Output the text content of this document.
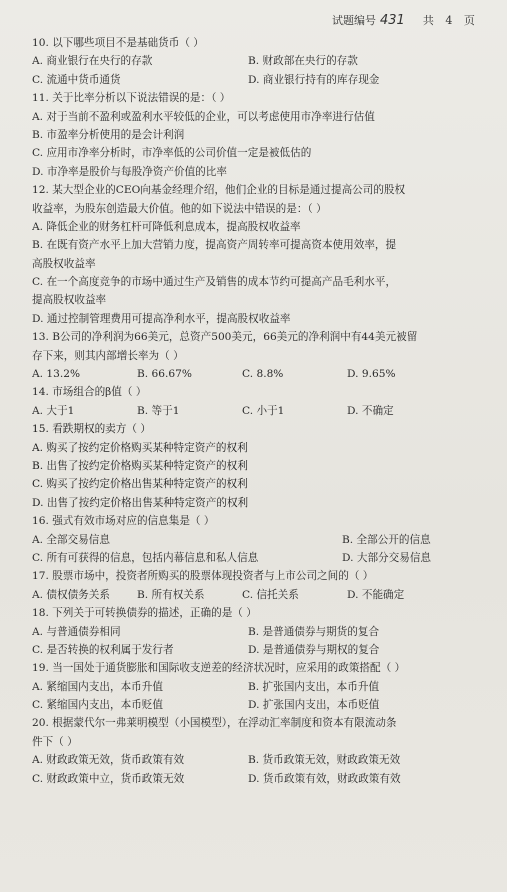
试题编号 431 共 4 页
10. 以下哪些项目不是基础货币（ ）
A. 商业银行在央行的存款	B. 财政部在央行的存款
C. 流通中货币通货	D. 商业银行持有的库存现金
11. 关于比率分析以下说法错误的是：（ ）
A. 对于当前不盈利或盈利水平较低的企业，可以考虑使用市净率进行估值
B. 市盈率分析使用的是会计利润
C. 应用市净率分析时，市净率低的公司价值一定是被低估的
D. 市净率是股价与每股净资产价值的比率
12. 某大型企业的CEO向基金经理介绍，他们企业的目标是通过提高公司的股权
收益率，为股东创造最大价值。他的如下说法中错误的是：（ ）
A. 降低企业的财务杠杆可降低利息成本，提高股权收益率
B. 在既有资产水平上加大营销力度，提高资产周转率可提高资本使用效率，提
高股权收益率
C. 在一个高度竞争的市场中通过生产及销售的成本节约可提高产品毛利水平，
提高股权收益率
D. 通过控制管理费用可提高净利水平，提高股权收益率
13. B公司的净利润为66美元，总资产500美元，66美元的净利润中有44美元被留
存下来，则其内部增长率为（ ）
A. 13.2%	B. 66.67%	C. 8.8%	D. 9.65%
14. 市场组合的β值（ ）
A. 大于1	B. 等于1	C. 小于1	D. 不确定
15. 看跌期权的卖方（ ）
A. 购买了按约定价格购买某种特定资产的权利
B. 出售了按约定价格购买某种特定资产的权利
C. 购买了按约定价格出售某种特定资产的权利
D. 出售了按约定价格出售某种特定资产的权利
16. 强式有效市场对应的信息集是（ ）
A. 全部交易信息	B. 全部公开的信息
C. 所有可获得的信息，包括内幕信息和私人信息	D. 大部分交易信息
17. 股票市场中，投资者所购买的股票体现投资者与上市公司之间的（ ）
A. 债权债务关系	B. 所有权关系	C. 信托关系	D. 不能确定
18. 下列关于可转换债券的描述，正确的是（ ）
A. 与普通债券相同	B. 是普通债券与期货的复合
C. 是否转换的权利属于发行者	D. 是普通债券与期权的复合
19. 当一国处于通货膨胀和国际收支逆差的经济状况时，应采用的政策搭配（ ）
A. 紧缩国内支出，本币升值	B. 扩张国内支出，本币升值
C. 紧缩国内支出，本币贬值	D. 扩张国内支出，本币贬值
20. 根据蒙代尔一弗莱明模型（小国模型），在浮动汇率制度和资本有限流动条
件下（ ）
A. 财政政策无效，货币政策有效	B. 货币政策无效，财政政策无效
C. 财政政策中立，货币政策无效	D. 货币政策有效，财政政策有效
